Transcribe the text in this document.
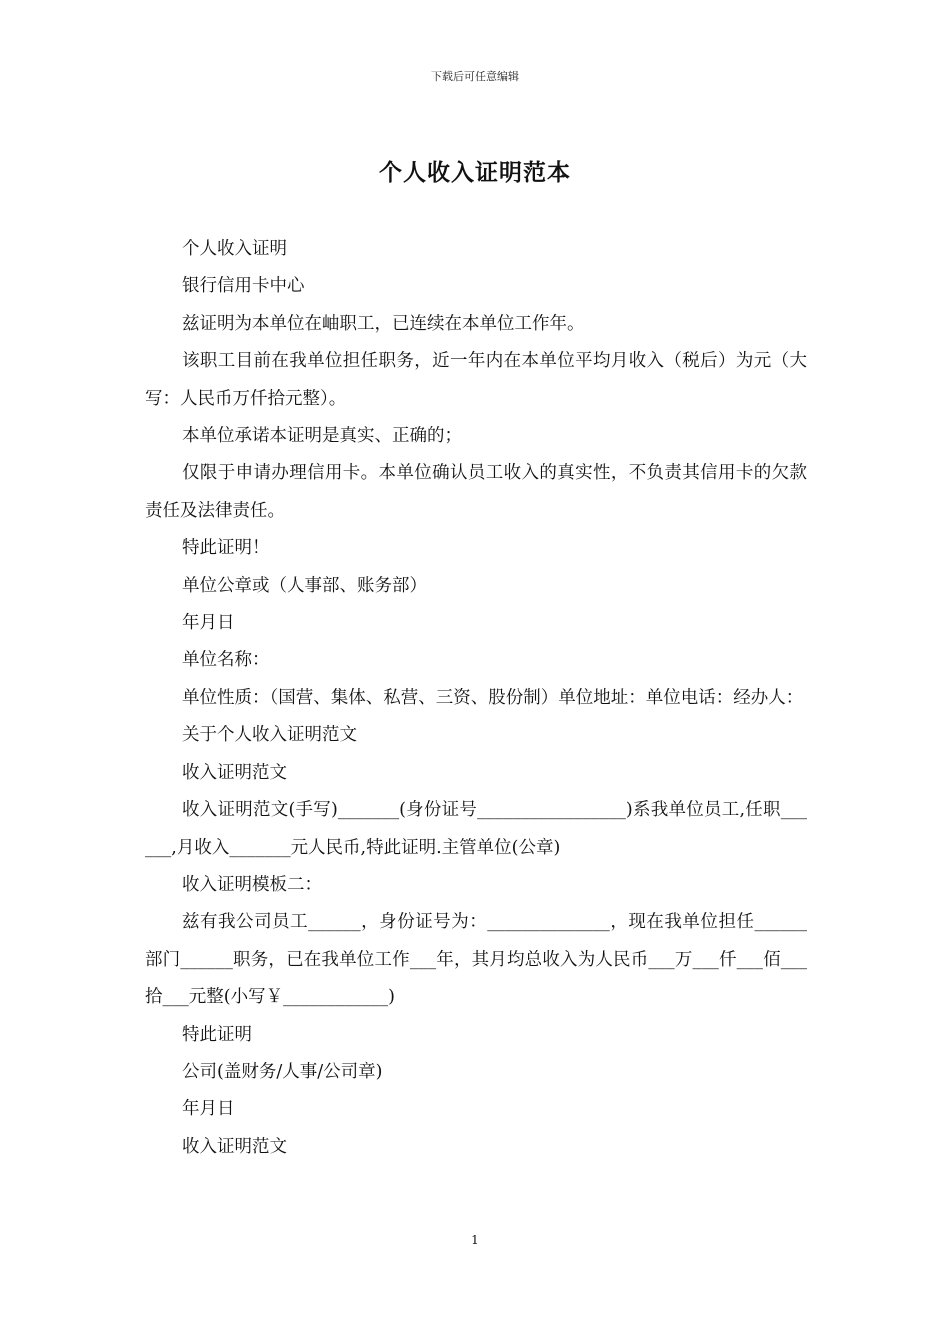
下载后可任意编辑
个人收入证明范本

个人收入证明

银行信用卡中心

兹证明为本单位在岫职工，已连续在本单位工作年。

该职工目前在我单位担任职务，近一年内在本单位平均月收入（税后）为元（大写：人民币万仟拾元整）。

本单位承诺本证明是真实、正确的；

仅限于申请办理信用卡。本单位确认员工收入的真实性，不负责其信用卡的欠款责任及法律责任。

特此证明！

单位公章或（人事部、账务部）

年月日

单位名称：

单位性质：（国营、集体、私营、三资、股份制）单位地址：单位电话：经办人：

关于个人收入证明范文

收入证明范文

收入证明范文(手写)_______(身份证号_________________)系我单位员工,任职______,月收入_______元人民币,特此证明.主管单位(公章)

收入证明模板二：

兹有我公司员工______，身份证号为：______________，现在我单位担任______部门______职务，已在我单位工作___年，其月均总收入为人民币___万___仟___佰___拾___元整(小写￥____________)

特此证明

公司(盖财务/人事/公司章)

年月日

收入证明范文

1
